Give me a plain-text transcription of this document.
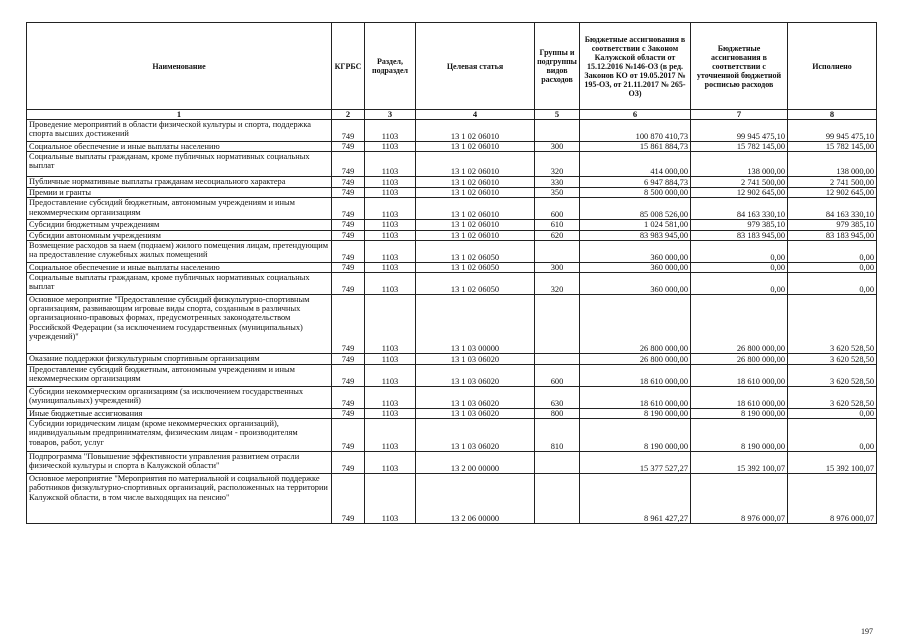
Наименование	КГРБС	Раздел, подраздел	Целевая статья	Группы и подгруппы видов расходов	Бюджетные ассигнования в соответствии с Законом Калужской области от 15.12.2016 №146-ОЗ (в ред. Законов КО от 19.05.2017 № 195-ОЗ, от 21.11.2017 № 265-ОЗ)	Бюджетные ассигнования в соответствии с уточненной бюджетной росписью расходов	Исполнено
1	2	3	4	5	6	7	8
Проведение мероприятий в области физической культуры и спорта, поддержка спорта высших достижений	749	1103	13 1 02 06010		100 870 410,73	99 945 475,10	99 945 475,10
Социальное обеспечение и иные выплаты населению	749	1103	13 1 02 06010	300	15 861 884,73	15 782 145,00	15 782 145,00
Социальные выплаты гражданам, кроме публичных нормативных социальных выплат	749	1103	13 1 02 06010	320	414 000,00	138 000,00	138 000,00
Публичные нормативные выплаты гражданам несоциального характера	749	1103	13 1 02 06010	330	6 947 884,73	2 741 500,00	2 741 500,00
Премии и гранты	749	1103	13 1 02 06010	350	8 500 000,00	12 902 645,00	12 902 645,00
Предоставление субсидий бюджетным, автономным учреждениям и иным некоммерческим организациям	749	1103	13 1 02 06010	600	85 008 526,00	84 163 330,10	84 163 330,10
Субсидии бюджетным учреждениям	749	1103	13 1 02 06010	610	1 024 581,00	979 385,10	979 385,10
Субсидии автономным учреждениям	749	1103	13 1 02 06010	620	83 983 945,00	83 183 945,00	83 183 945,00
Возмещение расходов за наем (поднаем) жилого помещения лицам, претендующим на предоставление служебных жилых помещений	749	1103	13 1 02 06050		360 000,00	0,00	0,00
Социальное обеспечение и иные выплаты населению	749	1103	13 1 02 06050	300	360 000,00	0,00	0,00
Социальные выплаты гражданам, кроме публичных нормативных социальных выплат	749	1103	13 1 02 06050	320	360 000,00	0,00	0,00
Основное мероприятие "Предоставление субсидий физкультурно-спортивным организациям, развивающим игровые виды спорта, созданным в различных организационно-правовых формах, предусмотренных законодательством Российской Федерации (за исключением государственных (муниципальных) учреждений)"	749	1103	13 1 03 00000		26 800 000,00	26 800 000,00	3 620 528,50
Оказание поддержки физкультурным спортивным организациям	749	1103	13 1 03 06020		26 800 000,00	26 800 000,00	3 620 528,50
Предоставление субсидий бюджетным, автономным учреждениям и иным некоммерческим организациям	749	1103	13 1 03 06020	600	18 610 000,00	18 610 000,00	3 620 528,50
Субсидии некоммерческим организациям (за исключением государственных (муниципальных) учреждений)	749	1103	13 1 03 06020	630	18 610 000,00	18 610 000,00	3 620 528,50
Иные бюджетные ассигнования	749	1103	13 1 03 06020	800	8 190 000,00	8 190 000,00	0,00
Субсидии юридическим лицам (кроме некоммерческих организаций), индивидуальным предпринимателям, физическим лицам - производителям товаров, работ, услуг	749	1103	13 1 03 06020	810	8 190 000,00	8 190 000,00	0,00
Подпрограмма "Повышение эффективности управления развитием отрасли физической культуры и спорта в Калужской области"	749	1103	13 2 00 00000		15 377 527,27	15 392 100,07	15 392 100,07
Основное мероприятие "Мероприятия по материальной и социальной поддержке работников физкультурно-спортивных организаций, расположенных на территории Калужской области, в том числе выходящих на пенсию"	749	1103	13 2 06 00000		8 961 427,27	8 976 000,07	8 976 000,07
197
